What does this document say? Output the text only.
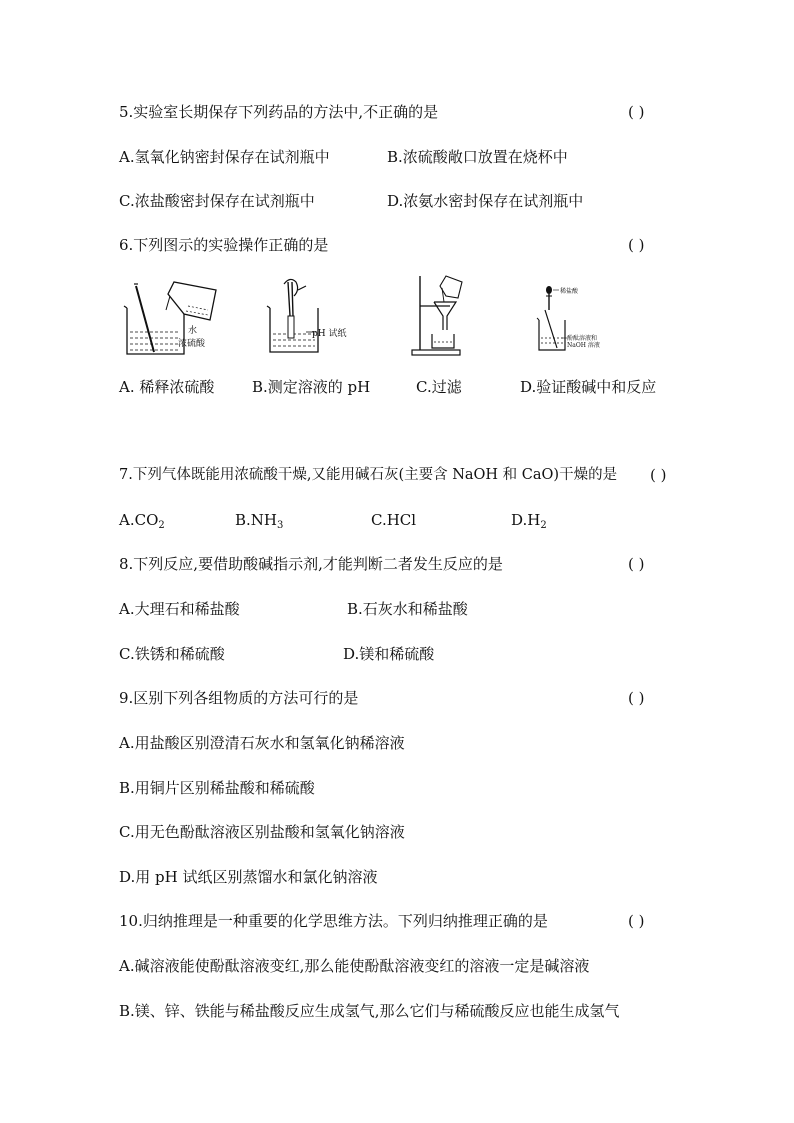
5.实验室长期保存下列药品的方法中,不正确的是	( )
A.氢氧化钠密封保存在试剂瓶中	B.浓硫酸敞口放置在烧杯中
C.浓盐酸密封保存在试剂瓶中	D.浓氨水密封保存在试剂瓶中
6.下列图示的实验操作正确的是	( )
水
浓硫酸
pH 试纸
稀盐酸
酚酞溶液和
NaOH 溶液
A. 稀释浓硫酸	B.测定溶液的 pH	C.过滤	D.验证酸碱中和反应
7.下列气体既能用浓硫酸干燥,又能用碱石灰(主要含 NaOH 和 CaO)干燥的是 ( )
$A.CO_2$	$B.NH_3$	C.HCl	$D.H_2$
8.下列反应,要借助酸碱指示剂,才能判断二者发生反应的是	( )
A.大理石和稀盐酸	B.石灰水和稀盐酸
C.铁锈和稀硫酸	D.镁和稀硫酸
9.区别下列各组物质的方法可行的是	( )
A.用盐酸区别澄清石灰水和氢氧化钠稀溶液
B.用铜片区别稀盐酸和稀硫酸
C.用无色酚酞溶液区别盐酸和氢氧化钠溶液
D.用 pH 试纸区别蒸馏水和氯化钠溶液
10.归纳推理是一种重要的化学思维方法。下列归纳推理正确的是	( )
A.碱溶液能使酚酞溶液变红,那么能使酚酞溶液变红的溶液一定是碱溶液
B.镁、锌、铁能与稀盐酸反应生成氢气,那么它们与稀硫酸反应也能生成氢气
